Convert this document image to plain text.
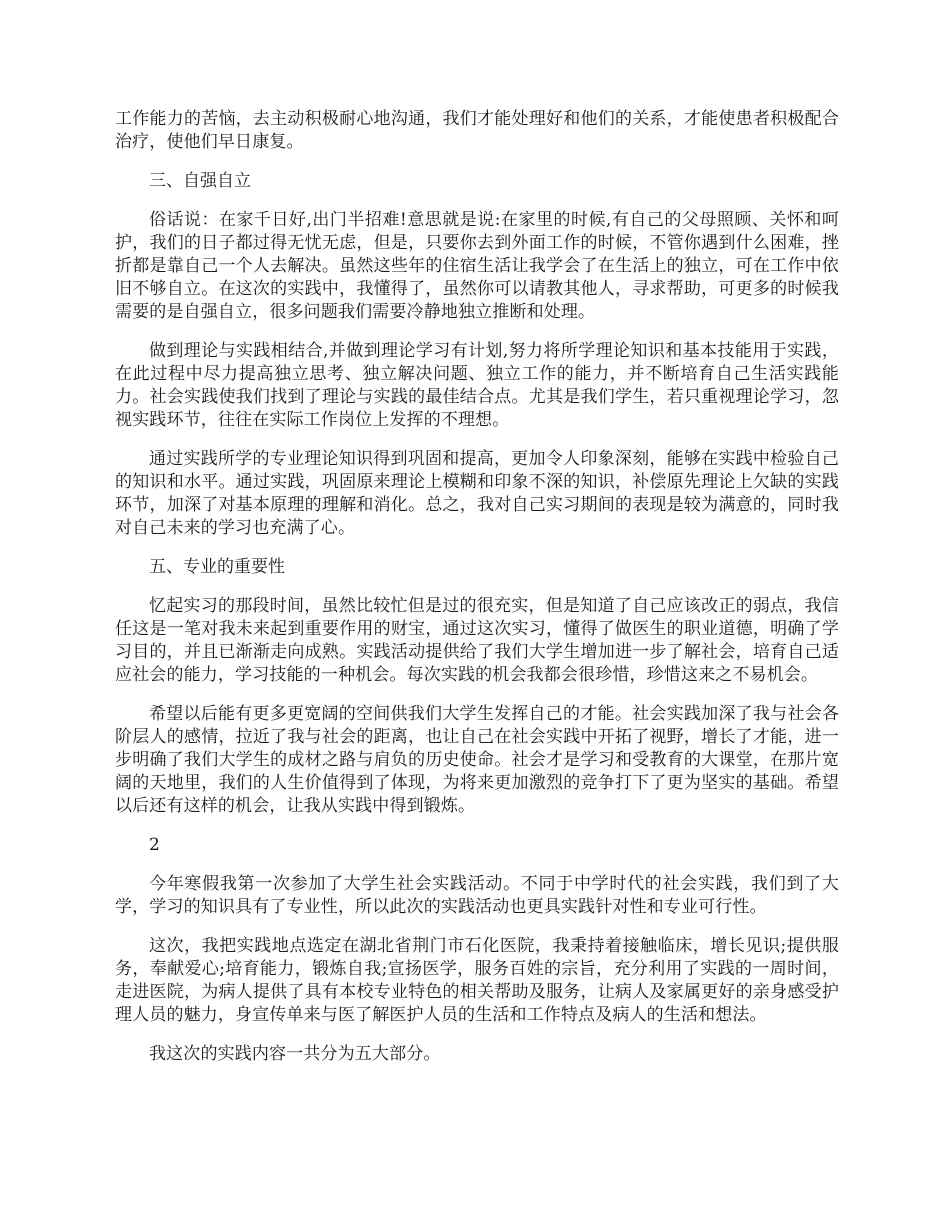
工作能力的苦恼，去主动积极耐心地沟通，我们才能处理好和他们的关系，才能使患者积极配合治疗，使他们早日康复。

三、自强自立

俗话说：在家千日好,出门半招难!意思就是说:在家里的时候,有自己的父母照顾、关怀和呵护，我们的日子都过得无忧无虑，但是，只要你去到外面工作的时候，不管你遇到什么困难，挫折都是靠自己一个人去解决。虽然这些年的住宿生活让我学会了在生活上的独立，可在工作中依旧不够自立。在这次的实践中，我懂得了，虽然你可以请教其他人，寻求帮助，可更多的时候我需要的是自强自立，很多问题我们需要冷静地独立推断和处理。

做到理论与实践相结合,并做到理论学习有计划,努力将所学理论知识和基本技能用于实践，在此过程中尽力提高独立思考、独立解决问题、独立工作的能力，并不断培育自己生活实践能力。社会实践使我们找到了理论与实践的最佳结合点。尤其是我们学生，若只重视理论学习，忽视实践环节，往往在实际工作岗位上发挥的不理想。

通过实践所学的专业理论知识得到巩固和提高，更加令人印象深刻，能够在实践中检验自己的知识和水平。通过实践，巩固原来理论上模糊和印象不深的知识，补偿原先理论上欠缺的实践环节，加深了对基本原理的理解和消化。总之，我对自己实习期间的表现是较为满意的，同时我对自己未来的学习也充满了心。

五、专业的重要性

忆起实习的那段时间，虽然比较忙但是过的很充实，但是知道了自己应该改正的弱点，我信任这是一笔对我未来起到重要作用的财宝，通过这次实习，懂得了做医生的职业道德，明确了学习目的，并且已渐渐走向成熟。实践活动提供给了我们大学生增加进一步了解社会，培育自己适应社会的能力，学习技能的一种机会。每次实践的机会我都会很珍惜，珍惜这来之不易机会。

希望以后能有更多更宽阔的空间供我们大学生发挥自己的才能。社会实践加深了我与社会各阶层人的感情，拉近了我与社会的距离，也让自己在社会实践中开拓了视野，增长了才能，进一步明确了我们大学生的成材之路与肩负的历史使命。社会才是学习和受教育的大课堂，在那片宽阔的天地里，我们的人生价值得到了体现，为将来更加激烈的竞争打下了更为坚实的基础。希望以后还有这样的机会，让我从实践中得到锻炼。

2

今年寒假我第一次参加了大学生社会实践活动。不同于中学时代的社会实践，我们到了大学，学习的知识具有了专业性，所以此次的实践活动也更具实践针对性和专业可行性。

这次，我把实践地点选定在湖北省荆门市石化医院，我秉持着接触临床，增长见识;提供服务，奉献爱心;培育能力，锻炼自我;宣扬医学，服务百姓的宗旨，充分利用了实践的一周时间，走进医院，为病人提供了具有本校专业特色的相关帮助及服务，让病人及家属更好的亲身感受护理人员的魅力，身宣传单来与医了解医护人员的生活和工作特点及病人的生活和想法。

我这次的实践内容一共分为五大部分。
